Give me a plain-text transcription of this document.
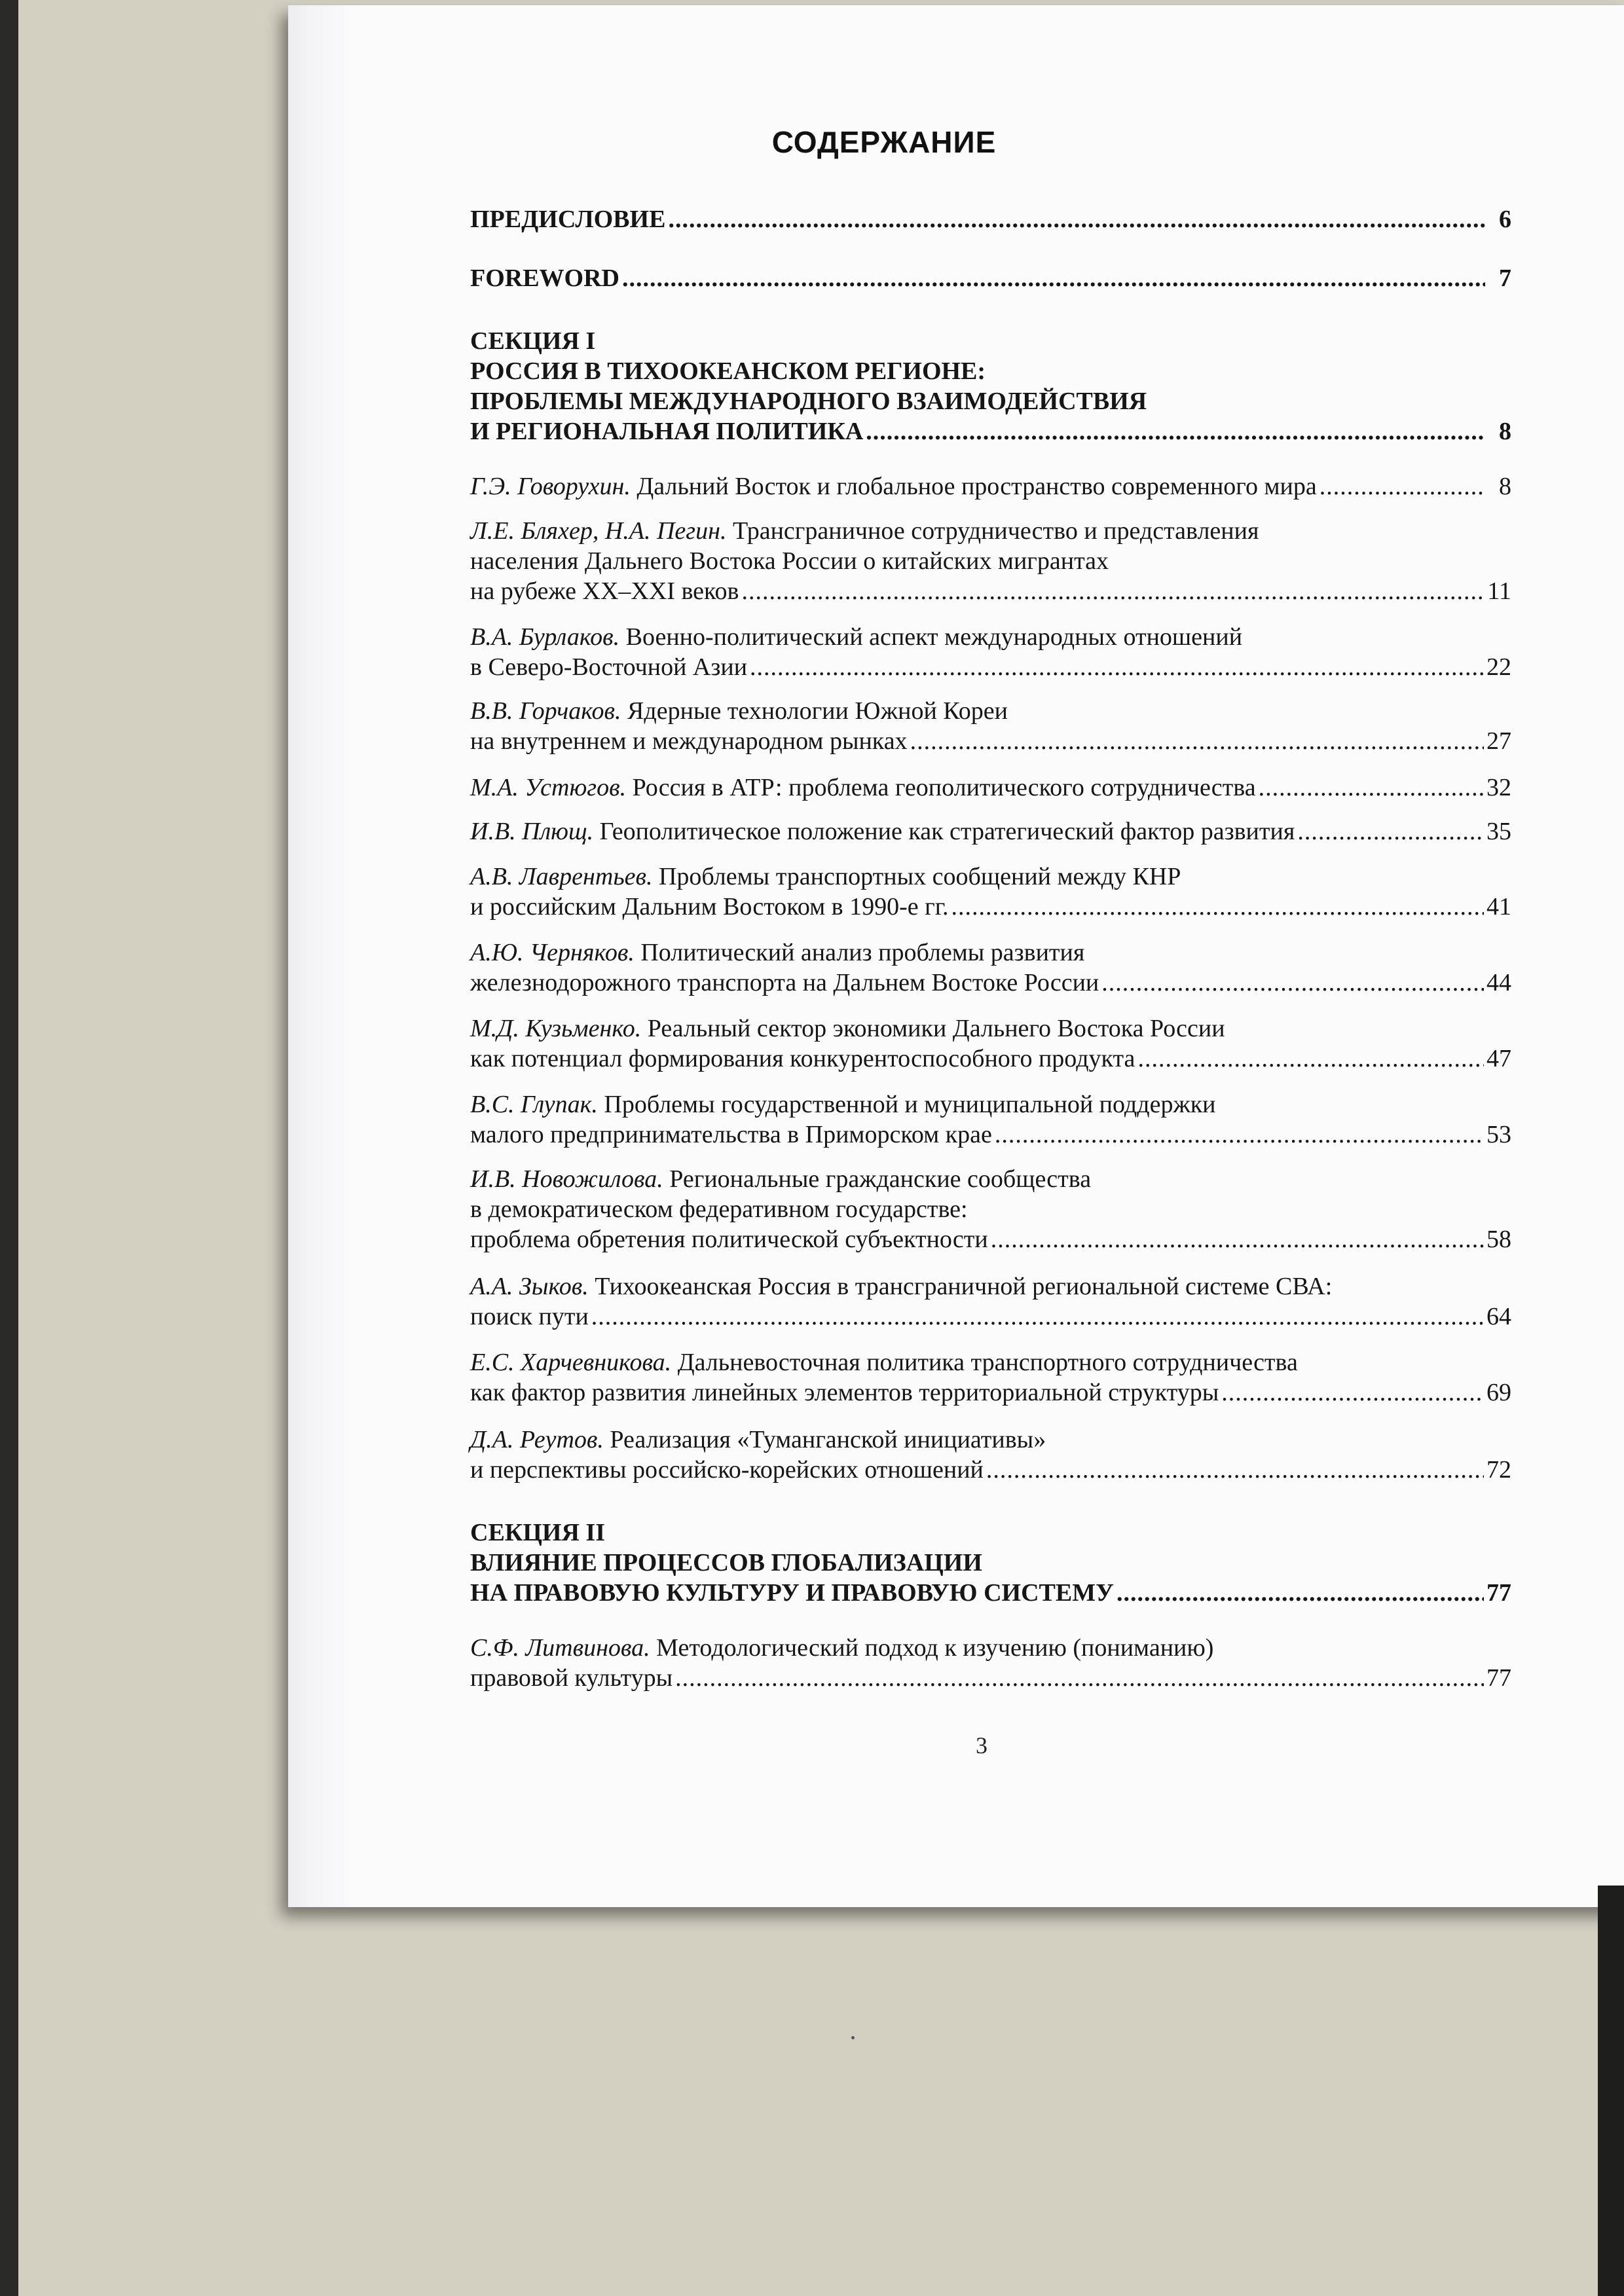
СОДЕРЖАНИЕ
ПРЕДИСЛОВИЕ .....	6
FOREWORD .....	7
СЕКЦИЯ I
РОССИЯ В ТИХООКЕАНСКОМ РЕГИОНЕ:
ПРОБЛЕМЫ МЕЖДУНАРОДНОГО ВЗАИМОДЕЙСТВИЯ
И РЕГИОНАЛЬНАЯ ПОЛИТИКА .....	8
Г.Э. Говорухин. Дальний Восток и глобальное пространство современного мира .....	8
Л.Е. Бляхер, Н.А. Пегин. Трансграничное сотрудничество и представления
населения Дальнего Востока России о китайских мигрантах
на рубеже XX–XXI веков .....	11
В.А. Бурлаков. Военно-политический аспект международных отношений
в Северо-Восточной Азии .....	22
В.В. Горчаков. Ядерные технологии Южной Кореи
на внутреннем и международном рынках .....	27
М.А. Устюгов. Россия в АТР: проблема геополитического сотрудничества .....	32
И.В. Плющ. Геополитическое положение как стратегический фактор развития .....	35
А.В. Лаврентьев. Проблемы транспортных сообщений между КНР
и российским Дальним Востоком в 1990-е гг. .....	41
А.Ю. Черняков. Политический анализ проблемы развития
железнодорожного транспорта на Дальнем Востоке России .....	44
М.Д. Кузьменко. Реальный сектор экономики Дальнего Востока России
как потенциал формирования конкурентоспособного продукта .....	47
В.С. Глупак. Проблемы государственной и муниципальной поддержки
малого предпринимательства в Приморском крае .....	53
И.В. Новожилова. Региональные гражданские сообщества
в демократическом федеративном государстве:
проблема обретения политической субъектности .....	58
А.А. Зыков. Тихоокеанская Россия в трансграничной региональной системе СВА:
поиск пути .....	64
Е.С. Харчевникова. Дальневосточная политика транспортного сотрудничества
как фактор развития линейных элементов территориальной структуры .....	69
Д.А. Реутов. Реализация «Туманганской инициативы»
и перспективы российско-корейских отношений .....	72
СЕКЦИЯ II
ВЛИЯНИЕ ПРОЦЕССОВ ГЛОБАЛИЗАЦИИ
НА ПРАВОВУЮ КУЛЬТУРУ И ПРАВОВУЮ СИСТЕМУ .....	77
С.Ф. Литвинова. Методологический подход к изучению (пониманию)
правовой культуры .....	77
3
